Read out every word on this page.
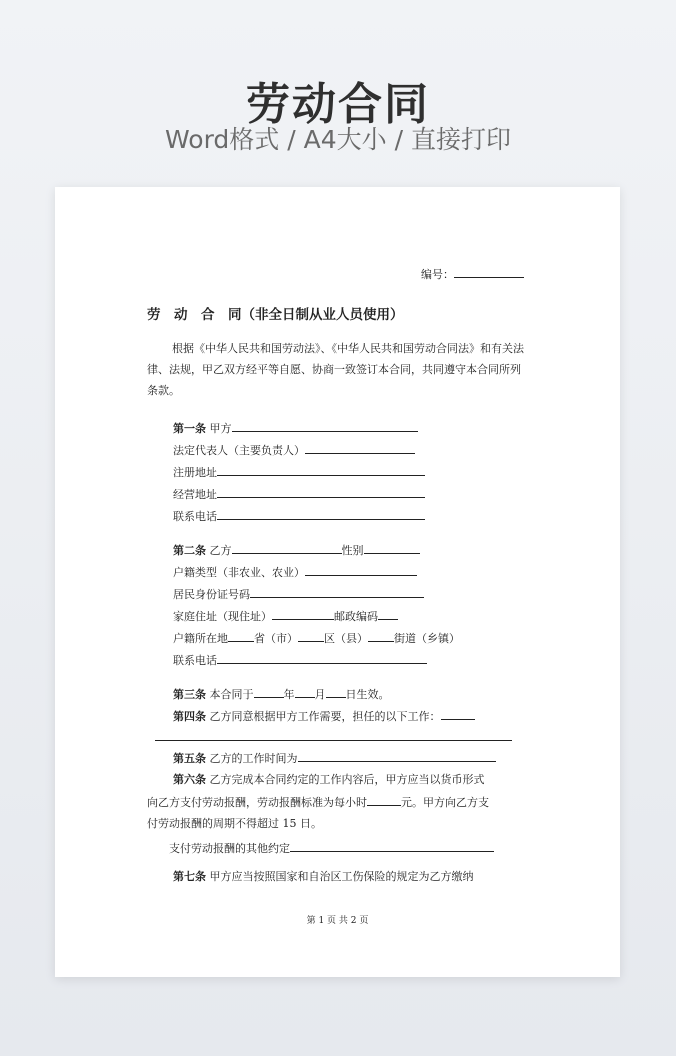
劳动合同
Word格式 / A4大小 / 直接打印
编号：
劳　动　合　同（非全日制从业人员使用）
根据《中华人民共和国劳动法》、《中华人民共和国劳动合同法》和有关法律、法规，甲乙双方经平等自愿、协商一致签订本合同，共同遵守本合同所列条款。
第一条 甲方
法定代表人（主要负责人）
注册地址
经营地址
联系电话
第二条 乙方	性别
户籍类型（非农业、农业）
居民身份证号码
家庭住址（现住址）	邮政编码
户籍所在地 省（市） 区（县） 街道（乡镇）
联系电话
第三条 本合同于	年 月 日生效。
第四条 乙方同意根据甲方工作需要，担任的以下工作：
第五条 乙方的工作时间为
第六条 乙方完成本合同约定的工作内容后，甲方应当以货币形式
向乙方支付劳动报酬，劳动报酬标准为每小时	元。甲方向乙方支
付劳动报酬的周期不得超过 15 日。
支付劳动报酬的其他约定
第七条 甲方应当按照国家和自治区工伤保险的规定为乙方缴纳
第 1 页 共 2 页
